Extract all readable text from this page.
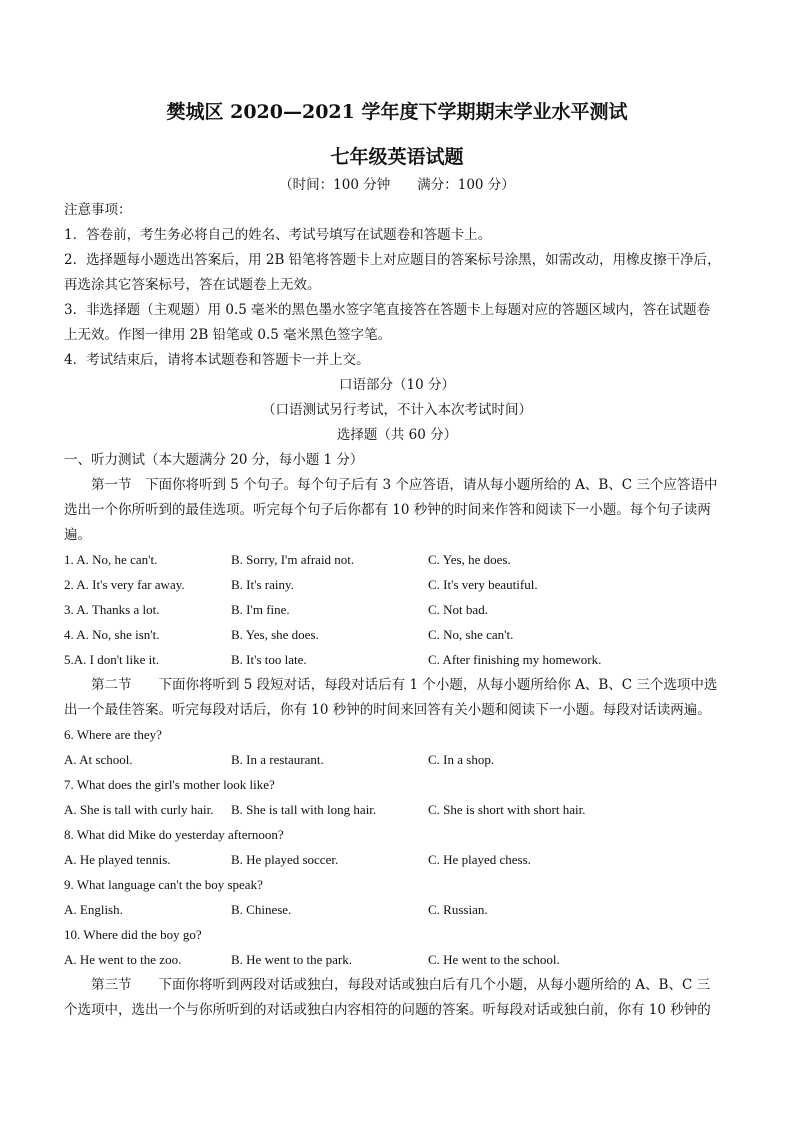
樊城区 2020—2021 学年度下学期期末学业水平测试
七年级英语试题
（时间：100 分钟　　满分：100 分）
注意事项：
1．答卷前，考生务必将自己的姓名、考试号填写在试题卷和答题卡上。
2．选择题每小题选出答案后，用 2B 铅笔将答题卡上对应题目的答案标号涂黑，如需改动，用橡皮擦干净后，
再选涂其它答案标号，答在试题卷上无效。
3．非选择题（主观题）用 0.5 毫米的黑色墨水签字笔直接答在答题卡上每题对应的答题区域内，答在试题卷
上无效。作图一律用 2B 铅笔或 0.5 毫米黑色签字笔。
4．考试结束后，请将本试题卷和答题卡一并上交。
口语部分（10 分）
（口语测试另行考试，不计入本次考试时间）
选择题（共 60 分）
一、听力测试（本大题满分 20 分，每小题 1 分）
　　第一节　下面你将听到 5 个句子。每个句子后有 3 个应答语，请从每小题所给的 A、B、C 三个应答语中
选出一个你所听到的最佳选项。听完每个句子后你都有 10 秒钟的时间来作答和阅读下一小题。每个句子读两
遍。
1. A. No, he can't.	B. Sorry, I'm afraid not.	C. Yes, he does.
2. A. It's very far away.	B. It's rainy.	C. It's very beautiful.
3. A. Thanks a lot.	B. I'm fine.	C. Not bad.
4. A. No, she isn't.	B. Yes, she does.	C. No, she can't.
5.A. I don't like it.	B. It's too late.	C. After finishing my homework.
　　第二节　　下面你将听到 5 段短对话，每段对话后有 1 个小题，从每小题所给你 A、B、C 三个选项中选
出一个最佳答案。听完每段对话后，你有 10 秒钟的时间来回答有关小题和阅读下一小题。每段对话读两遍。
6. Where are they?
A. At school.	B. In a restaurant.	C. In a shop.
7. What does the girl's mother look like?
A. She is tall with curly hair. B. She is tall with long hair.	C. She is short with short hair.
8. What did Mike do yesterday afternoon?
A. He played tennis.	B. He played soccer.	C. He played chess.
9. What language can't the boy speak?
A. English.	B. Chinese.	C. Russian.
10. Where did the boy go?
A. He went to the zoo.	B. He went to the park.	C. He went to the school.
　　第三节　　下面你将听到两段对话或独白，每段对话或独白后有几个小题，从每小题所给的 A、B、C 三
个选项中，选出一个与你所听到的对话或独白内容相符的问题的答案。听每段对话或独白前，你有 10 秒钟的
